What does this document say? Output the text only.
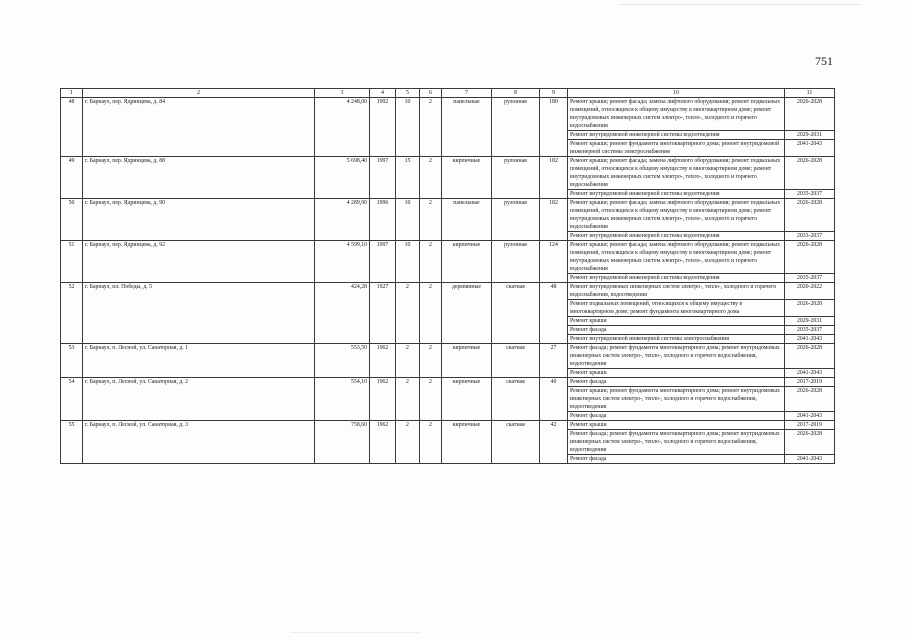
751
1	2	3	4	5	6	7	8	9	10	11
48	г. Барнаул, пер. Ядринцева, д. 84	4 248,00	1992	10	2	панельные	рулонная	180	Ремонт крыши; ремонт фасада; замена лифтового оборудования; ремонт подвальных помещений, относящихся к общему имуществу в многоквартирном доме; ремонт внутридомовых инженерных систем электро-, тепло-, холодного и горячего водоснабжения	2026-2028
									Ремонт внутридомовой инженерной системы водоотведения	2029-2031
									Ремонт крыши; ремонт фундамента многоквартирного дома; ремонт внутридомовой инженерной системы электроснабжения	2041-2043
49	г. Барнаул, пер. Ядринцева, д. 88	5 698,40	1997	15	2	кирпичные	рулонная	182	Ремонт крыши; ремонт фасада; замена лифтового оборудования; ремонт подвальных помещений, относящихся к общему имуществу в многоквартирном доме; ремонт внутридомовых инженерных систем электро-, тепло-, холодного и горячего водоснабжения	2026-2028
									Ремонт внутридомовой инженерной системы водоотведения	2035-2037
50	г. Барнаул, пер. Ядринцева, д. 90	4 289,90	1996	10	2	панельные	рулонная	182	Ремонт крыши; ремонт фасада; замена лифтового оборудования; ремонт подвальных помещений, относящихся к общему имуществу в многоквартирном доме; ремонт внутридомовых инженерных систем электро-, тепло-, холодного и горячего водоснабжения	2026-2028
									Ремонт внутридомовой инженерной системы водоотведения	2033-2037
51	г. Барнаул, пер. Ядринцева, д. 92	4 599,10	1997	10	2	кирпичные	рулонная	124	Ремонт крыши; ремонт фасада; замена лифтового оборудования; ремонт подвальных помещений, относящихся к общему имуществу в многоквартирном доме; ремонт внутридомовых инженерных систем электро-, тепло-, холодного и горячего водоснабжения	2026-2028
									Ремонт внутридомовой инженерной системы водоотведения	2035-2037
52	г. Барнаул, пл. Победы, д. 5	424,28	1927	2	2	деревянные	скатная	48	Ремонт внутридомовых инженерных систем электро-, тепло-, холодного и горячего водоснабжения, водоотведения	2020-2022
									Ремонт подвальных помещений, относящихся к общему имуществу в многоквартирном доме; ремонт фундамента многоквартирного дома	2026-2028
									Ремонт крыши	2029-2031
									Ремонт фасада	2035-2037
									Ремонт внутридомовой инженерной системы электроснабжения	2041-2043
53	г. Барнаул, п. Лесной, ул. Санаторная, д. 1	553,50	1962	2	2	кирпичные	скатная	27	Ремонт фасада; ремонт фундамента многоквартирного дома; ремонт внутридомовых инженерных систем электро-, тепло-, холодного и горячего водоснабжения, водоотведения	2026-2028
									Ремонт крыши	2041-2043
54	г. Барнаул, п. Лесной, ул. Санаторная, д. 2	554,10	1962	2	2	кирпичные	скатная	40	Ремонт фасада	2017-2019
									Ремонт крыши; ремонт фундамента многоквартирного дома; ремонт внутридомовых инженерных систем электро-, тепло-, холодного и горячего водоснабжения, водоотведения	2026-2028
									Ремонт фасада	2041-2043
55	г. Барнаул, п. Лесной, ул. Санаторная, д. 3	758,60	1962	2	2	кирпичные	скатная	42	Ремонт крыши	2017-2019
									Ремонт фасада; ремонт фундамента многоквартирного дома; ремонт внутридомовых инженерных систем электро-, тепло-, холодного и горячего водоснабжения, водоотведения	2026-2028
									Ремонт фасада	2041-2043
